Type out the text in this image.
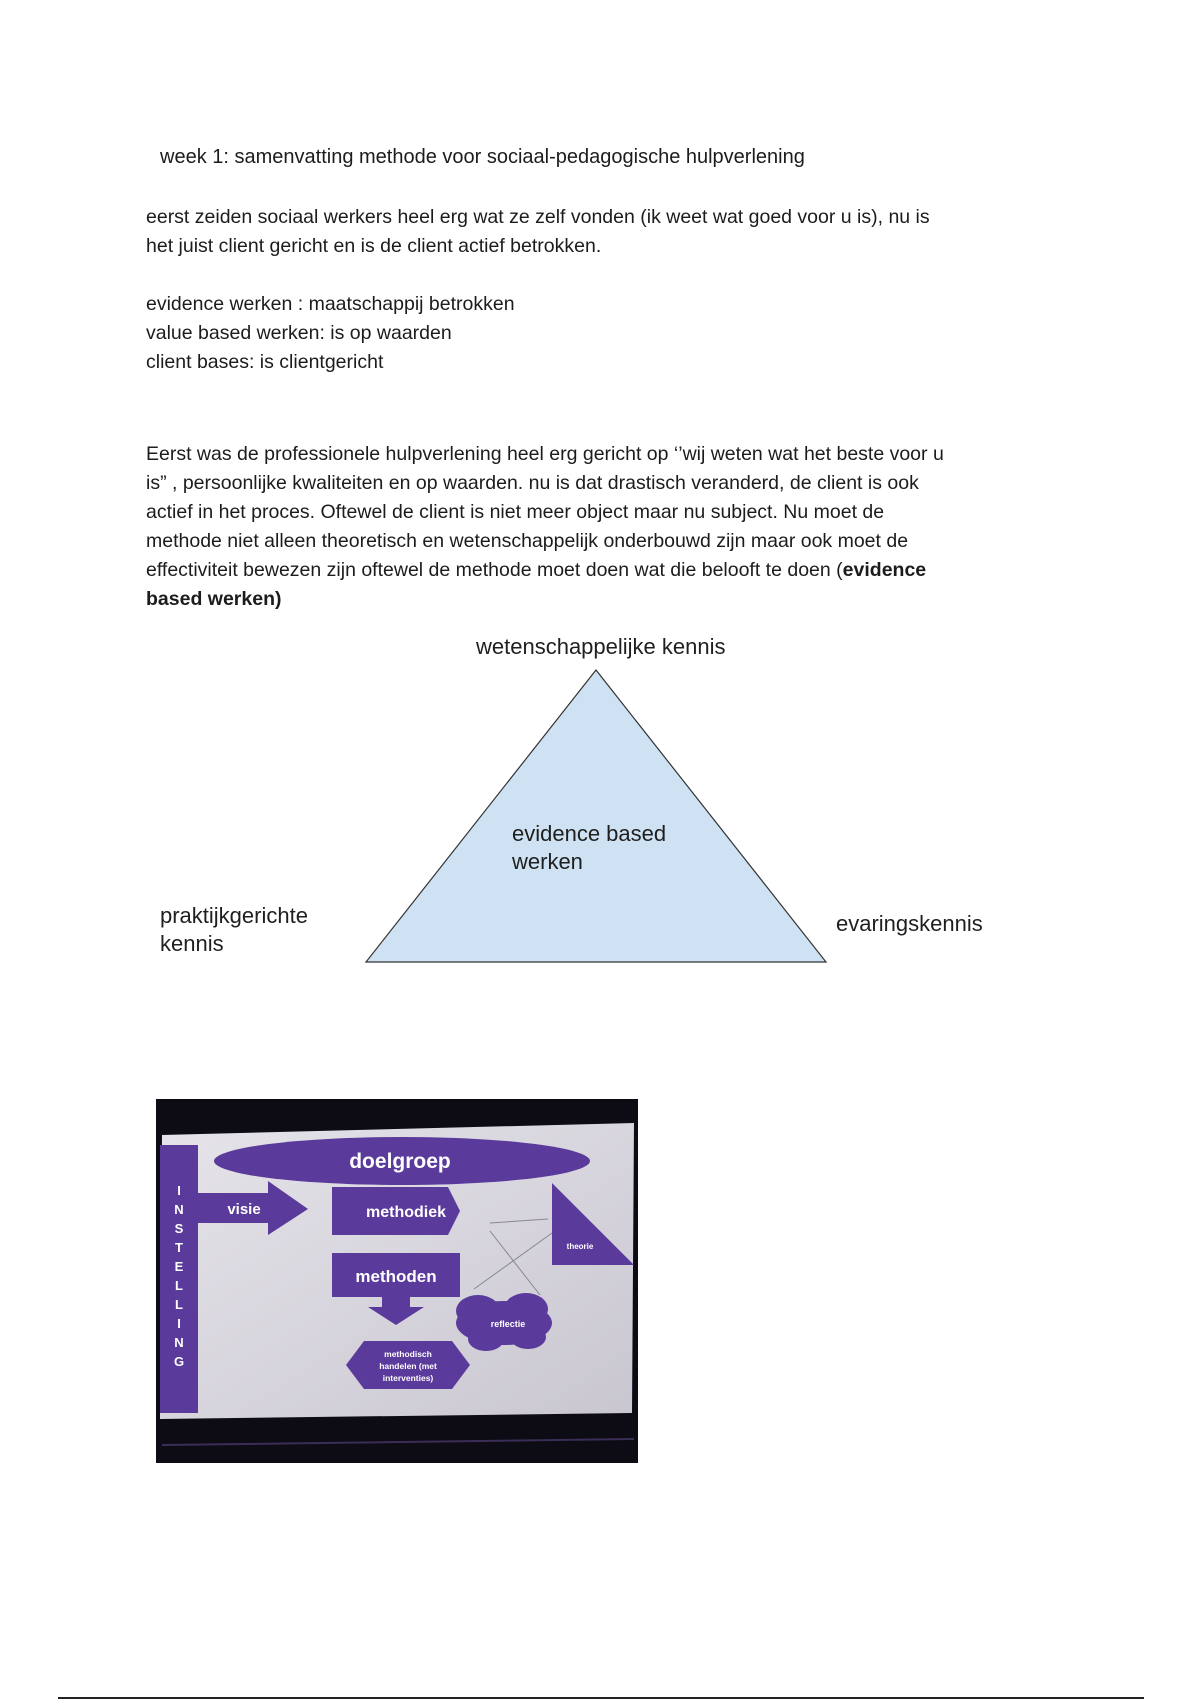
week 1: samenvatting methode voor sociaal-pedagogische hulpverlening
eerst zeiden sociaal werkers heel erg wat ze zelf vonden (ik weet wat goed voor u is), nu is
het juist client gericht en is de client actief betrokken.
evidence werken : maatschappij betrokken
value based werken: is op waarden
client bases: is clientgericht
Eerst was de professionele hulpverlening heel erg gericht op ‘’wij weten wat het beste voor u
is” , persoonlijke kwaliteiten en op waarden. nu is dat drastisch veranderd, de client is ook
actief in het proces. Oftewel de client is niet meer object maar nu subject. Nu moet de
methode niet alleen theoretisch en wetenschappelijk onderbouwd zijn maar ook moet de
effectiviteit bewezen zijn oftewel de methode moet doen wat die belooft te doen (evidence
based werken)
wetenschappelijke kennis
evidence based
werken
praktijkgerichte
kennis
evaringskennis
I
N
S
T
E
L
L
I
N
G
doelgroep
visie	methodiek
methoden
theorie
reflectie
methodisch
handelen (met
interventies)
